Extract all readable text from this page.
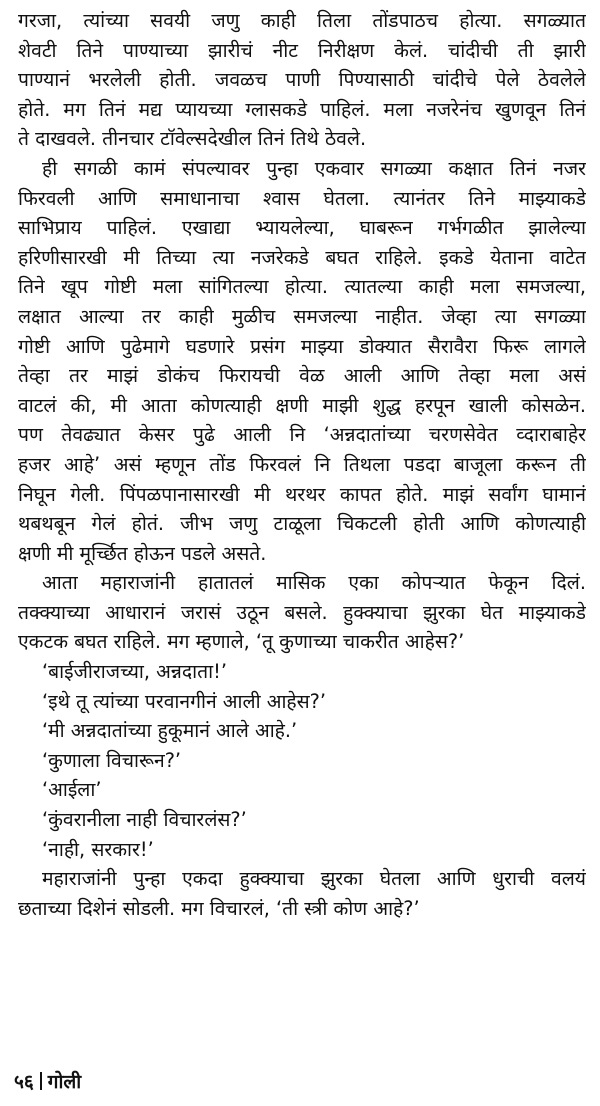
गरजा, त्यांच्या सवयी जणु काही तिला तोंडपाठच होत्या. सगळ्यात
शेवटी तिने पाण्याच्या झारीचं नीट निरीक्षण केलं. चांदीची ती झारी
पाण्यानं भरलेली होती. जवळच पाणी पिण्यासाठी चांदीचे पेले ठेवलेले
होते. मग तिनं मद्य प्यायच्या ग्लासकडे पाहिलं. मला नजरेनंच खुणवून तिनं
ते दाखवले. तीनचार टॉवेल्सदेखील तिनं तिथे ठेवले.
ही सगळी कामं संपल्यावर पुन्हा एकवार सगळ्या कक्षात तिनं नजर
फिरवली आणि समाधानाचा श्वास घेतला. त्यानंतर तिने माझ्याकडे
साभिप्राय पाहिलं. एखाद्या भ्यायलेल्या, घाबरून गर्भगळीत झालेल्या
हरिणीसारखी मी तिच्या त्या नजरेकडे बघत राहिले. इकडे येताना वाटेत
तिने खूप गोष्टी मला सांगितल्या होत्या. त्यातल्या काही मला समजल्या,
लक्षात आल्या तर काही मुळीच समजल्या नाहीत. जेव्हा त्या सगळ्या
गोष्टी आणि पुढेमागे घडणारे प्रसंग माझ्या डोक्यात सैरावैरा फिरू लागले
तेव्हा तर माझं डोकंच फिरायची वेळ आली आणि तेव्हा मला असं
वाटलं की, मी आता कोणत्याही क्षणी माझी शुद्ध हरपून खाली कोसळेन.
पण तेवढ्यात केसर पुढे आली नि ‘अन्नदातांच्या चरणसेवेत व्दाराबाहेर
हजर आहे’ असं म्हणून तोंड फिरवलं नि तिथला पडदा बाजूला करून ती
निघून गेली. पिंपळपानासारखी मी थरथर कापत होते. माझं सर्वांग घामानं
थबथबून गेलं होतं. जीभ जणु टाळूला चिकटली होती आणि कोणत्याही
क्षणी मी मूर्च्छित होऊन पडले असते.
आता महाराजांनी हातातलं मासिक एका कोपऱ्यात फेकून दिलं.
तक्क्याच्या आधारानं जरासं उठून बसले. हुक्क्याचा झुरका घेत माझ्याकडे
एकटक बघत राहिले. मग म्हणाले, ‘तू कुणाच्या चाकरीत आहेस?’
‘बाईजीराजच्या, अन्नदाता!’
‘इथे तू त्यांच्या परवानगीनं आली आहेस?’
‘मी अन्नदातांच्या हुकूमानं आले आहे.’
‘कुणाला विचारून?’
‘आईला’
‘कुंवरानीला नाही विचारलंस?’
‘नाही, सरकार!’
महाराजांनी पुन्हा एकदा हुक्क्याचा झुरका घेतला आणि धुराची वलयं
छताच्या दिशेनं सोडली. मग विचारलं, ‘ती स्त्री कोण आहे?’
५६ गोली
